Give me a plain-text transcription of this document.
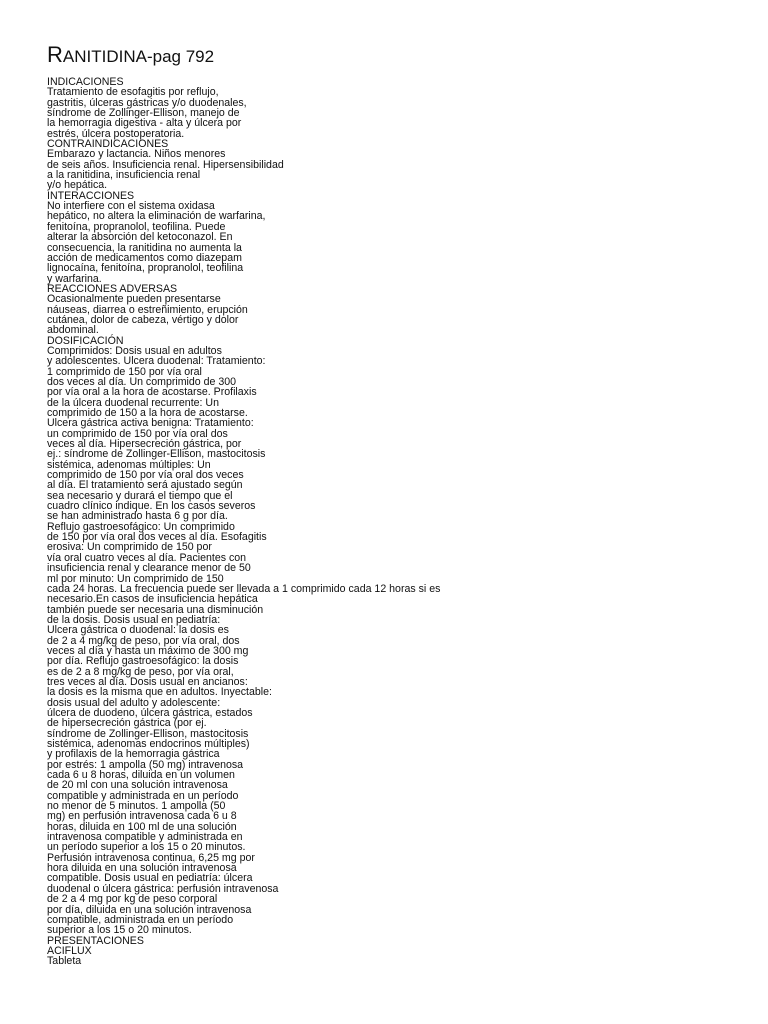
RANITIDINA-pag 792

INDICACIONES

Tratamiento de esofagitis por reflujo,

gastritis, úlceras gástricas y/o duodenales,

síndrome de Zollinger-Ellison, manejo de

la hemorragia digestiva - alta y úlcera por

estrés, úlcera postoperatoria.

CONTRAINDICACIONES

Embarazo y lactancia. Niños menores

de seis años. Insuficiencia renal. Hipersensibilidad

a la ranitidina, insuficiencia renal

y/o hepática.

INTERACCIONES

No interfiere con el sistema oxidasa

hepático, no altera la eliminación de warfarina,

fenitoína, propranolol, teofilina. Puede

alterar la absorción del ketoconazol. En

consecuencia, la ranitidina no aumenta la

acción de medicamentos como diazepam

lignocaína, fenitoína, propranolol, teofilina

y warfarina.

REACCIONES ADVERSAS

Ocasionalmente pueden presentarse

náuseas, diarrea o estreñimiento, erupción

cutánea, dolor de cabeza, vértigo y dolor

abdominal.

DOSIFICACIÓN

Comprimidos: Dosis usual en adultos

y adolescentes. Ulcera duodenal: Tratamiento:

1 comprimido de 150 por vía oral

dos veces al día. Un comprimido de 300

por vía oral a la hora de acostarse. Profilaxis

de la úlcera duodenal recurrente: Un

comprimido de 150 a la hora de acostarse.

Ulcera gástrica activa benigna: Tratamiento:

un comprimido de 150 por vía oral dos

veces al día. Hipersecreción gástrica, por

ej.: síndrome de Zollinger-Ellison, mastocitosis

sistémica, adenomas múltiples: Un

comprimido de 150 por vía oral dos veces

al día. El tratamiento será ajustado según

sea necesario y durará el tiempo que el

cuadro clínico indique. En los casos severos

se han administrado hasta 6 g por día.

Reflujo gastroesofágico: Un comprimido

de 150 por vía oral dos veces al día. Esofagitis

erosiva: Un comprimido de 150 por

vía oral cuatro veces al día. Pacientes con

insuficiencia renal y clearance menor de 50

ml por minuto: Un comprimido de 150

cada 24 horas. La frecuencia puede ser llevada a 1 comprimido cada 12 horas si es

necesario.En casos de insuficiencia hepática

también puede ser necesaria una disminución

de la dosis. Dosis usual en pediatría:

Ulcera gástrica o duodenal: la dosis es

de 2 a 4 mg/kg de peso, por vía oral, dos

veces al día y hasta un máximo de 300 mg

por día. Reflujo gastroesofágico: la dosis

es de 2 a 8 mg/kg de peso, por vía oral,

tres veces al día. Dosis usual en ancianos:

la dosis es la misma que en adultos. Inyectable:

dosis usual del adulto y adolescente:

úlcera de duodeno, úlcera gástrica, estados

de hipersecreción gástrica (por ej.

síndrome de Zollinger-Ellison, mastocitosis

sistémica, adenomas endocrinos múltiples)

y profilaxis de la hemorragia gástrica

por estrés: 1 ampolla (50 mg) intravenosa

cada 6 u 8 horas, diluida en un volumen

de 20 ml con una solución intravenosa

compatible y administrada en un período

no menor de 5 minutos. 1 ampolla (50

mg) en perfusión intravenosa cada 6 u 8

horas, diluida en 100 ml de una solución

intravenosa compatible y administrada en

un período superior a los 15 o 20 minutos.

Perfusión intravenosa continua, 6,25 mg por

hora diluida en una solución intravenosa

compatible. Dosis usual en pediatría: úlcera

duodenal o úlcera gástrica: perfusión intravenosa

de 2 a 4 mg por kg de peso corporal

por día, diluida en una solución intravenosa

compatible, administrada en un período

superior a los 15 o 20 minutos.

PRESENTACIONES

ACIFLUX

Tableta
